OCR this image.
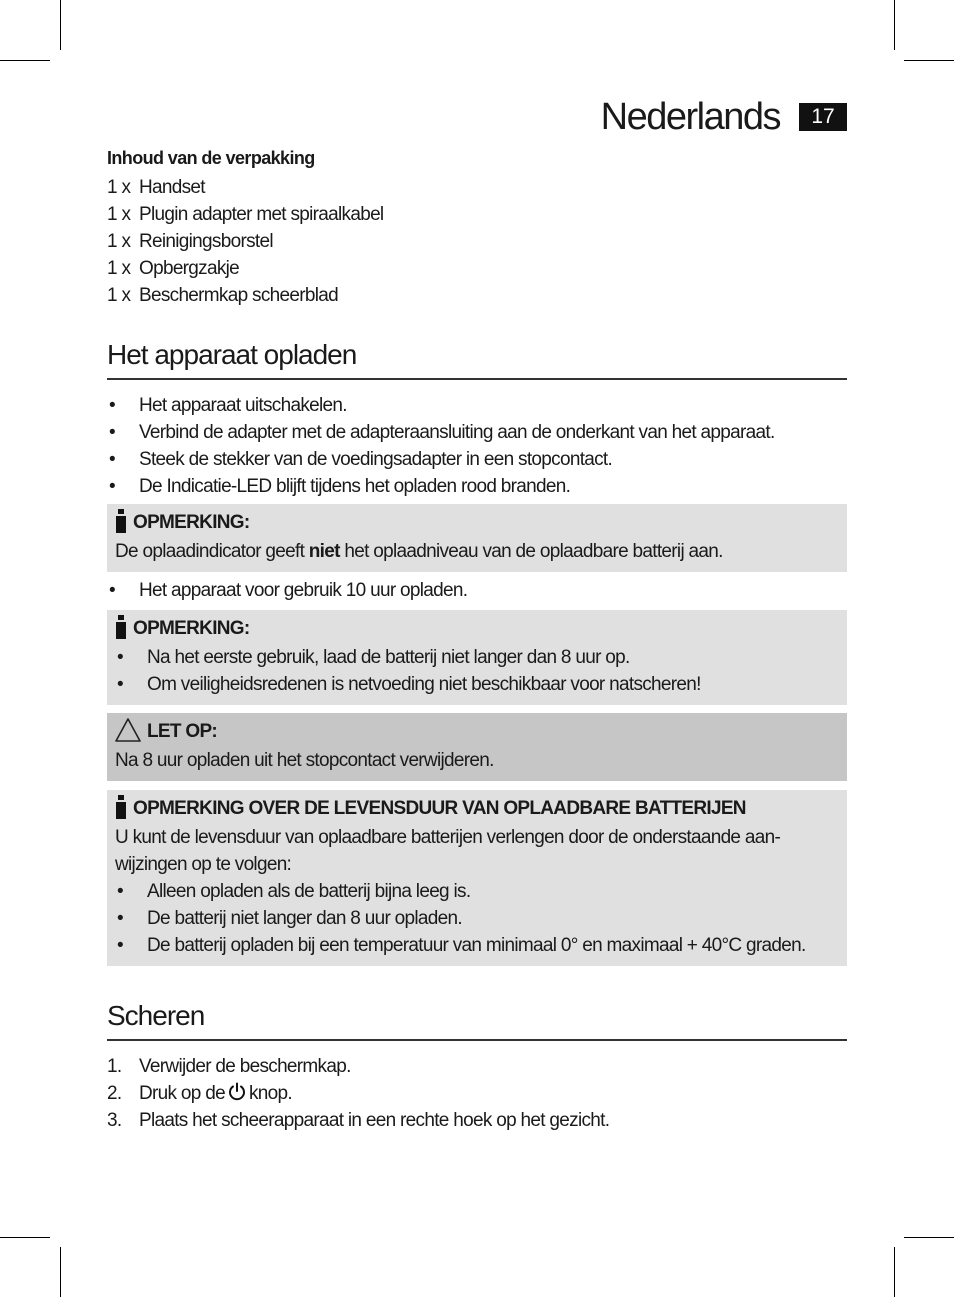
Nederlands	17
Inhoud van de verpakking
1 x Handset
1 x Plugin adapter met spiraalkabel
1 x Reinigingsborstel
1 x Opbergzakje
1 x Beschermkap scheerblad
Het apparaat opladen
• Het apparaat uitschakelen.
• Verbind de adapter met de adapteraansluiting aan de onderkant van het apparaat.
• Steek de stekker van de voedingsadapter in een stopcontact.
• De Indicatie-LED blijft tijdens het opladen rood branden.
OPMERKING:
De oplaadindicator geeft niet het oplaadniveau van de oplaadbare batterij aan.
• Het apparaat voor gebruik 10 uur opladen.
OPMERKING:
• Na het eerste gebruik, laad de batterij niet langer dan 8 uur op.
• Om veiligheidsredenen is netvoeding niet beschikbaar voor natscheren!
LET OP:
Na 8 uur opladen uit het stopcontact verwijderen.
OPMERKING OVER DE LEVENSDUUR VAN OPLAADBARE BATTERIJEN
U kunt de levensduur van oplaadbare batterijen verlengen door de onderstaande aan-
wijzingen op te volgen:
• Alleen opladen als de batterij bijna leeg is.
• De batterij niet langer dan 8 uur opladen.
• De batterij opladen bij een temperatuur van minimaal 0° en maximaal + 40°C graden.
Scheren
1. Verwijder de beschermkap.
2. Druk op de knop.
3. Plaats het scheerapparaat in een rechte hoek op het gezicht.
